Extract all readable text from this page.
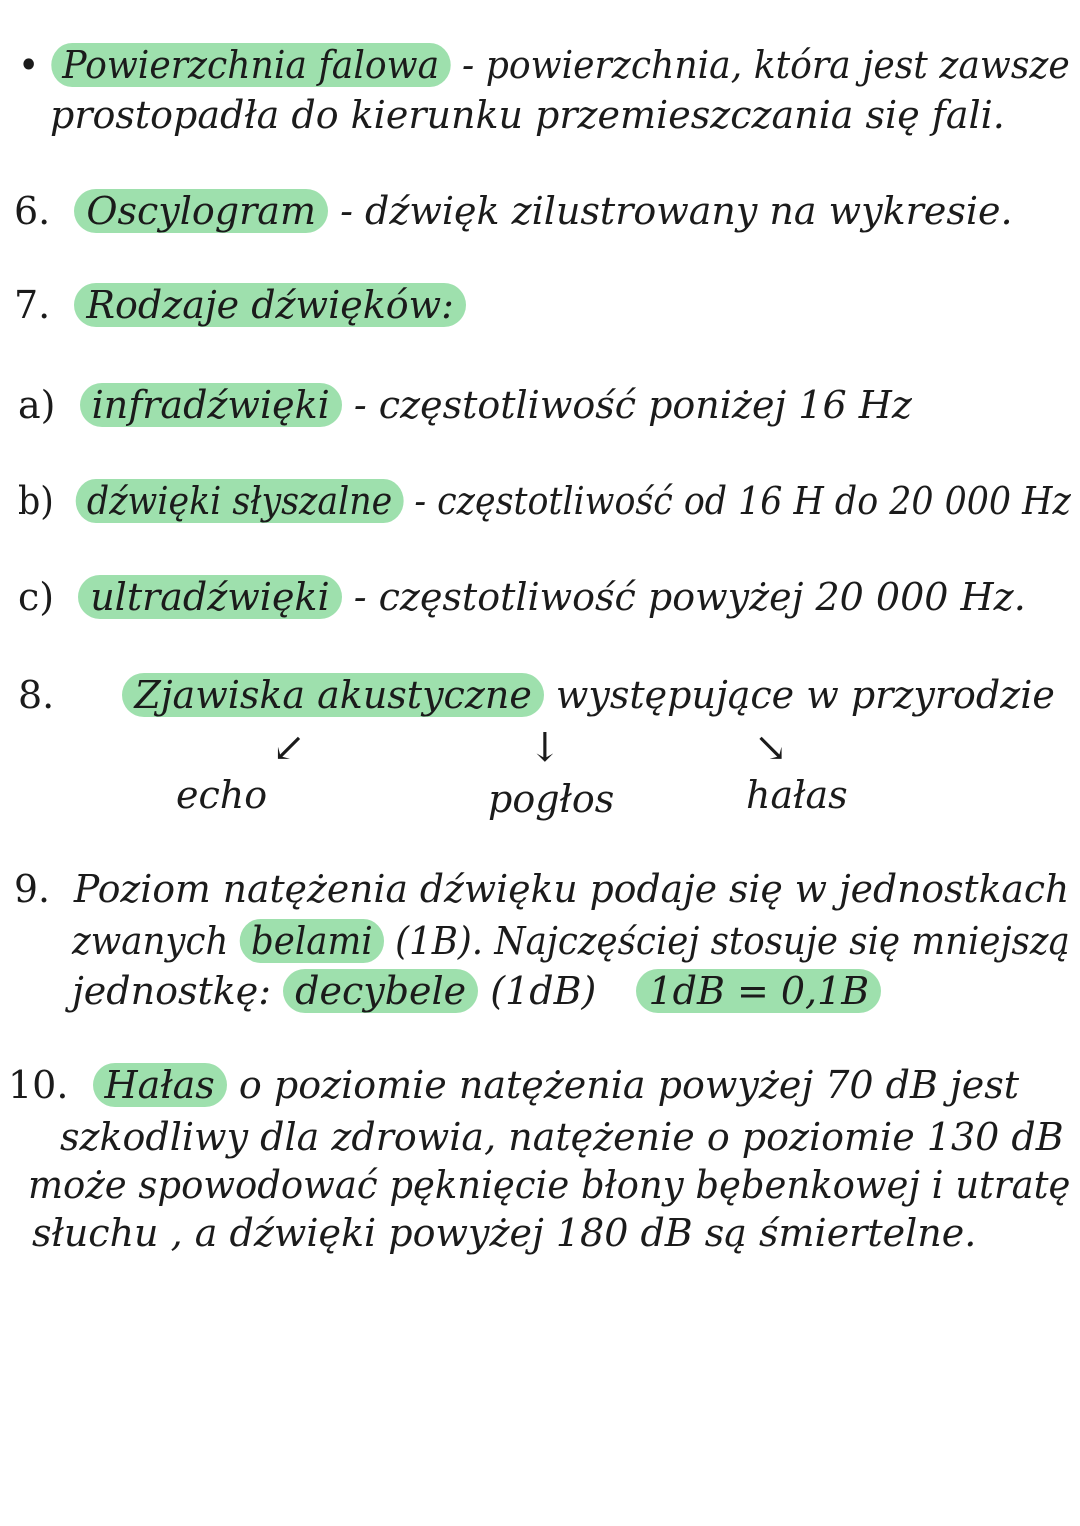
• Powierzchnia falowa - powierzchnia, która jest zawsze
prostopadła do kierunku przemieszczania się fali.
6. Oscylogram - dźwięk zilustrowany na wykresie.
7. Rodzaje dźwięków:
a) infradźwięki - częstotliwość poniżej 16 Hz
b) dźwięki słyszalne - częstotliwość od 16 H do 20 000 Hz
c) ultradźwięki - częstotliwość powyżej 20 000 Hz.
8. Zjawiska akustyczne występujące w przyrodzie
↙	↓	↘
echo	pogłos	hałas
9. Poziom natężenia dźwięku podaje się w jednostkach
zwanych belami (1B). Najczęściej stosuje się mniejszą
jednostkę: decybele (1dB) 1dB = 0,1B
10. Hałas o poziomie natężenia powyżej 70 dB jest
szkodliwy dla zdrowia, natężenie o poziomie 130 dB
może spowodować pęknięcie błony bębenkowej i utratę
słuchu , a dźwięki powyżej 180 dB są śmiertelne.
